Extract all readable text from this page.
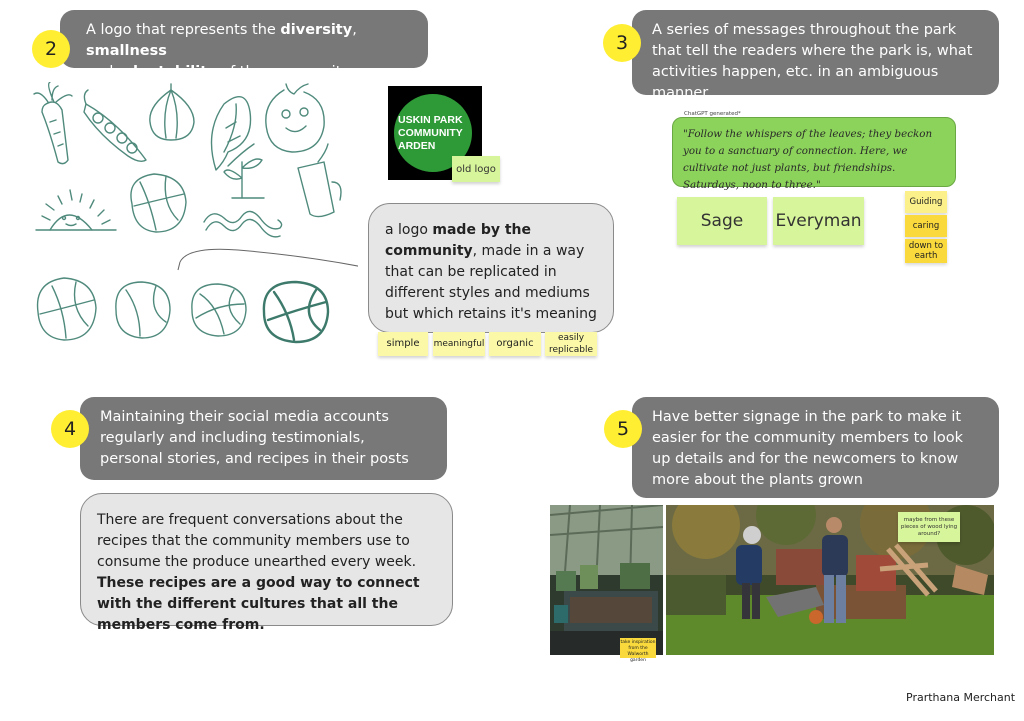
A logo that represents the diversity, smallness
and adaptability of the community
2
USKIN PARK
COMMUNITY
ARDEN
old logo
a logo made by the community, made in a way that can be replicated in different styles and mediums but which retains it's meaning
simple	meaningful	organic	easily replicable
A series of messages throughout the park that tell the readers where the park is, what activities happen, etc. in an ambiguous manner
3
ChatGPT generated*
"Follow the whispers of the leaves; they beckon you to a sanctuary of connection. Here, we cultivate not just plants, but friendships. Saturdays, noon to three."
Sage	Everyman
Guiding
caring
down to earth
Maintaining their social media accounts regularly and including testimonials, personal stories, and recipes in their posts
4
There are frequent conversations about the recipes that the community members use to consume the produce unearthed every week. These recipes are a good way to connect with the different cultures that all the members come from.
Have better signage in the park to make it easier for the community members to look up details and for the newcomers to know more about the plants grown
5
take inspiration from the Walworth garden
maybe from these pieces of wood lying around?
Prarthana Merchant
